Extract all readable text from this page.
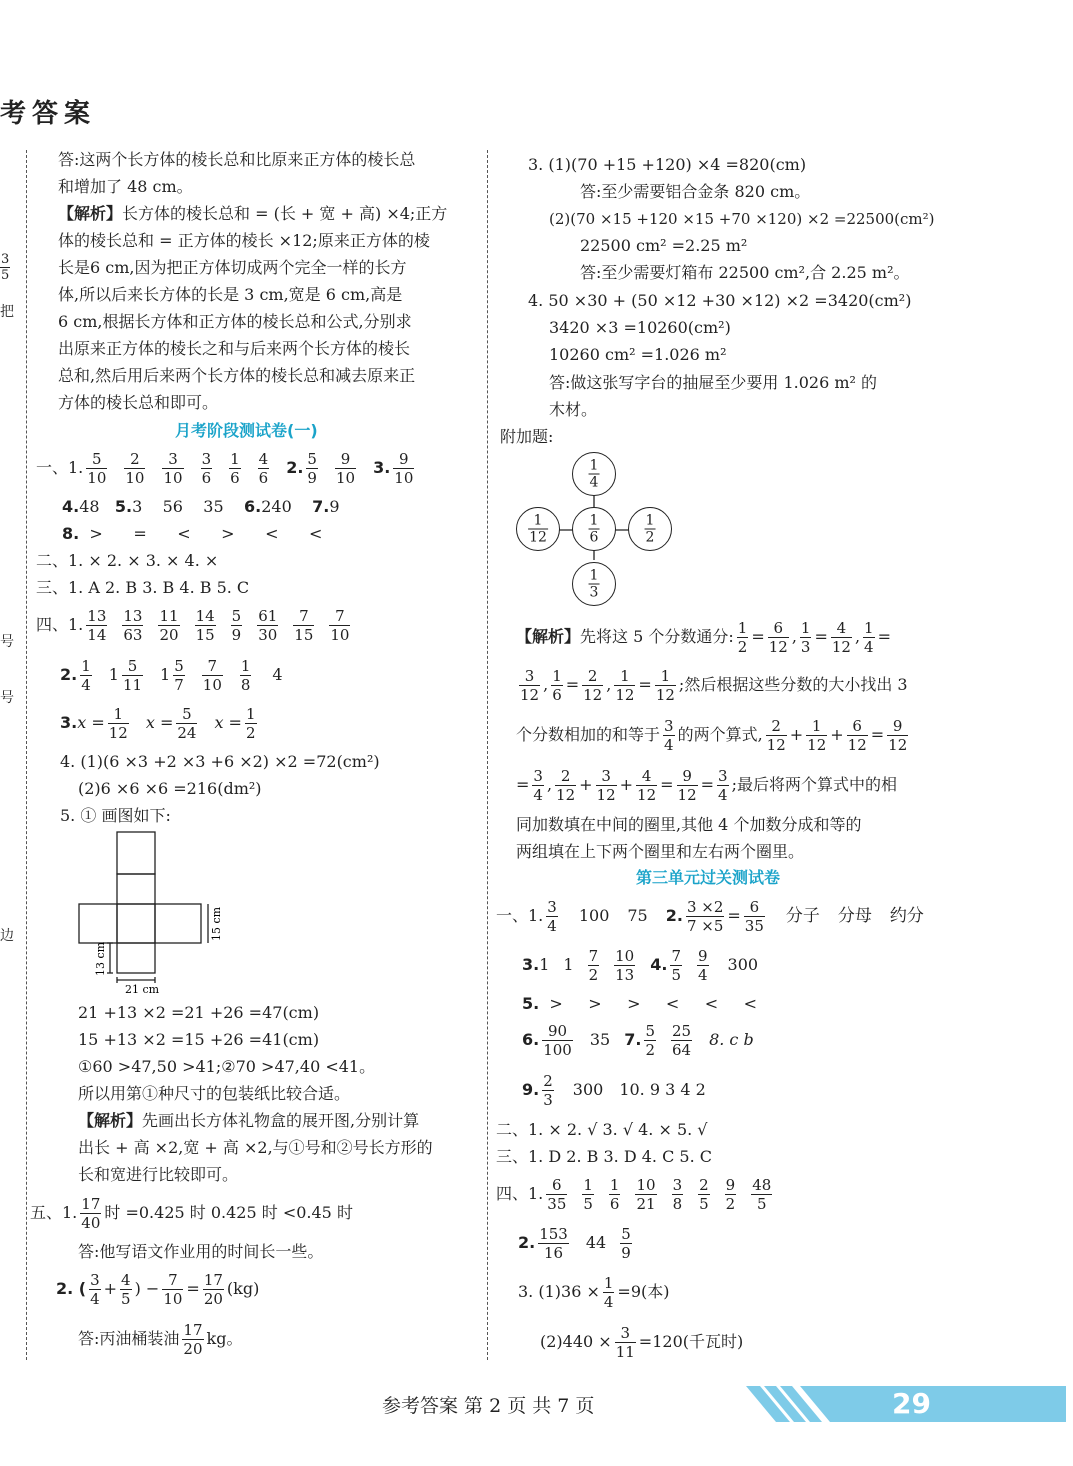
考答案
$\frac{3}{5}$
把
号
号
边
答:这两个长方体的棱长总和比原来正方体的棱长总
和增加了 48 cm。
【解析】长方体的棱长总和 = (长 + 宽 + 高) ×4;正方
体的棱长总和 = 正方体的棱长 ×12;原来正方体的棱
长是6 cm,因为把正方体切成两个完全一样的长方
体,所以后来长方体的长是 3 cm,宽是 6 cm,高是
6 cm,根据长方体和正方体的棱长总和公式,分别求
出原来正方体的棱长之和与后来两个长方体的棱长
总和,然后用后来两个长方体的棱长总和减去原来正
方体的棱长总和即可。
月考阶段测试卷(一)
一、1. $\frac{5}{10} \frac{2}{10} \frac{3}{10} \frac{3}{6} \frac{1}{6} \frac{4}{6} 2$. $\frac{5}{9} \frac{9}{10} 3$. $\frac{9}{10}$
4.48 5.3 56 35 6.240 7.9
8. > = < > < <
二、1. × 2. × 3. × 4. ×
三、1. A 2. B 3. B 4. B 5. C
四、1. $\frac{13}{14} \frac{13}{63} \frac{11}{20} \frac{14}{15} \frac{5}{9} \frac{61}{30} \frac{7}{15} \frac{7}{10}$
2. $\frac{1}{4} 1 \frac{5}{11} 1 \frac{5}{7} \frac{7}{10} \frac{1}{8} 4$
3. $x = \frac{1}{12}$ $x = \frac{5}{24}$ $x = \frac{1}{2}$
4. (1)(6 ×3 +2 ×3 +6 ×2) ×2 =72(cm²)
(2)6 ×6 ×6 =216(dm²)
5. ① 画图如下:
15 cm
13 cm
21 cm
21 +13 ×2 =21 +26 =47(cm)
15 +13 ×2 =15 +26 =41(cm)
①60 >47,50 >41;②70 >47,40 <41。
所以用第①种尺寸的包装纸比较合适。
【解析】先画出长方体礼物盒的展开图,分别计算
出长 + 高 ×2,宽 + 高 ×2,与①号和②号长方形的
长和宽进行比较即可。
五、1. $\frac{17}{40}$ 时 =0.425 时 0.425 时 <0.45 时
答:他写语文作业用的时间长一些。
2. ( $\frac{3}{4} + \frac{4}{5}$ ) − $\frac{7}{10} = \frac{17}{20} (kg)$
答:丙油桶装油 $\frac{17}{20}$ kg。
3. (1)(70 +15 +120) ×4 =820(cm)
答:至少需要铝合金条 820 cm。
(2)(70 ×15 +120 ×15 +70 ×120) ×2 =22500(cm²)
22500 cm² =2.25 m²
答:至少需要灯箱布 22500 cm²,合 2.25 m²。
4. 50 ×30 + (50 ×12 +30 ×12) ×2 =3420(cm²)
3420 ×3 =10260(cm²)
10260 cm² =1.026 m²
答:做这张写字台的抽屉至少要用 1.026 m² 的
木材。
附加题:
$\frac{1}{4}$
$\frac{1}{12}$	$\frac{1}{6}$	$\frac{1}{2}$
$\frac{1}{3}$
【解析】 先将这 5 个分数通分: $\frac{1}{2} = \frac{6}{12}$ , $\frac{1}{3} = \frac{4}{12}$ , $\frac{1}{4}$ =
$\frac{3}{12}$ , $\frac{1}{6} = \frac{2}{12}$ , $\frac{1}{12} = \frac{1}{12}$ ;然后根据这些分数的大小找出 3
个分数相加的和等于 $\frac{3}{4}$ 的两个算式, $\frac{2}{12} + \frac{1}{12} + \frac{6}{12} = \frac{9}{12}$
= $\frac{3}{4}$ , $\frac{2}{12} + \frac{3}{12} + \frac{4}{12} = \frac{9}{12} = \frac{3}{4}$ ;最后将两个算式中的相
同加数填在中间的圈里,其他 4 个加数分成和等的
两组填在上下两个圈里和左右两个圈里。
第三单元过关测试卷
一、1. $\frac{3}{4} 100$ 75 2. $\frac{3 \times 2}{7 \times 5} = \frac{6}{35}$ 分子 分母 约分
3. 1 $1 \frac{7}{2} \frac{10}{13} 4$. $\frac{7}{5} \frac{9}{4} 300$
5. > > > < < <
6. $\frac{90}{100} 35$ 7. $\frac{5}{2} \frac{25}{64} 8$. c b
9. $\frac{2}{3} 300$ 10. 9 3 4 2
二、1. × 2. √ 3. √ 4. × 5. √
三、1. D 2. B 3. D 4. C 5. C
四、1. $\frac{6}{35} \frac{1}{5} \frac{1}{6} \frac{10}{21} \frac{3}{8} \frac{2}{5} \frac{9}{2} \frac{48}{5}$
2. $\frac{153}{16} 44 \frac{5}{9}$
3. $(1)36 \times \frac{1}{4} =9$(本)
$(2)440 \times \frac{3}{11} =120$(千瓦时)
参考答案 第 2 页 共 7 页	29
